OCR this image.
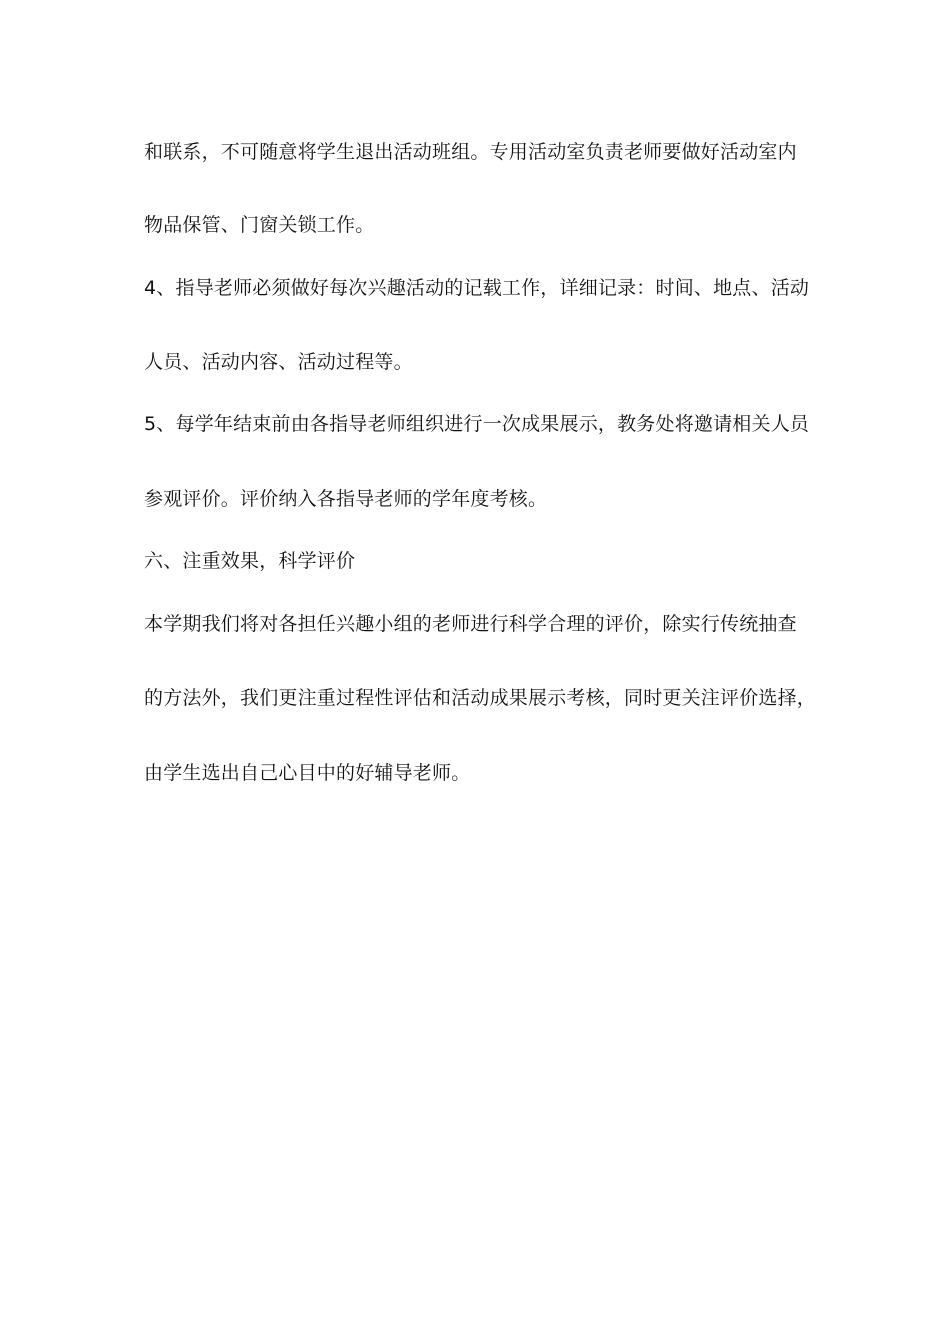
和联系，不可随意将学生退出活动班组。专用活动室负责老师要做好活动室内
物品保管、门窗关锁工作。
4、指导老师必须做好每次兴趣活动的记载工作，详细记录：时间、地点、活动
人员、活动内容、活动过程等。
5、每学年结束前由各指导老师组织进行一次成果展示，教务处将邀请相关人员
参观评价。评价纳入各指导老师的学年度考核。
六、注重效果，科学评价
本学期我们将对各担任兴趣小组的老师进行科学合理的评价，除实行传统抽查
的方法外，我们更注重过程性评估和活动成果展示考核，同时更关注评价选择，
由学生选出自己心目中的好辅导老师。
